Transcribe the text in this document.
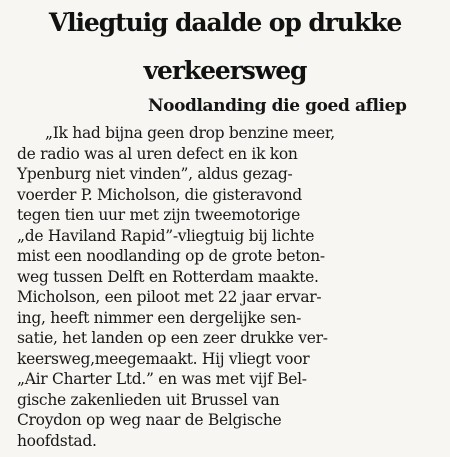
Vliegtuig daalde op drukke
verkeersweg
Noodlanding die goed afliep
„Ik had bijna geen drop benzine meer,
de radio was al uren defect en ik kon
Ypenburg niet vinden”, aldus gezag-
voerder P. Micholson, die gisteravond
tegen tien uur met zijn tweemotorige
„de Haviland Rapid”-vliegtuig bij lichte
mist een noodlanding op de grote beton-
weg tussen Delft en Rotterdam maakte.
Micholson, een piloot met 22 jaar ervar-
ing, heeft nimmer een dergelijke sen-
satie, het landen op een zeer drukke ver-
keersweg,meegemaakt. Hij vliegt voor
„Air Charter Ltd.” en was met vijf Bel-
gische zakenlieden uit Brussel van
Croydon op weg naar de Belgische
hoofdstad.
